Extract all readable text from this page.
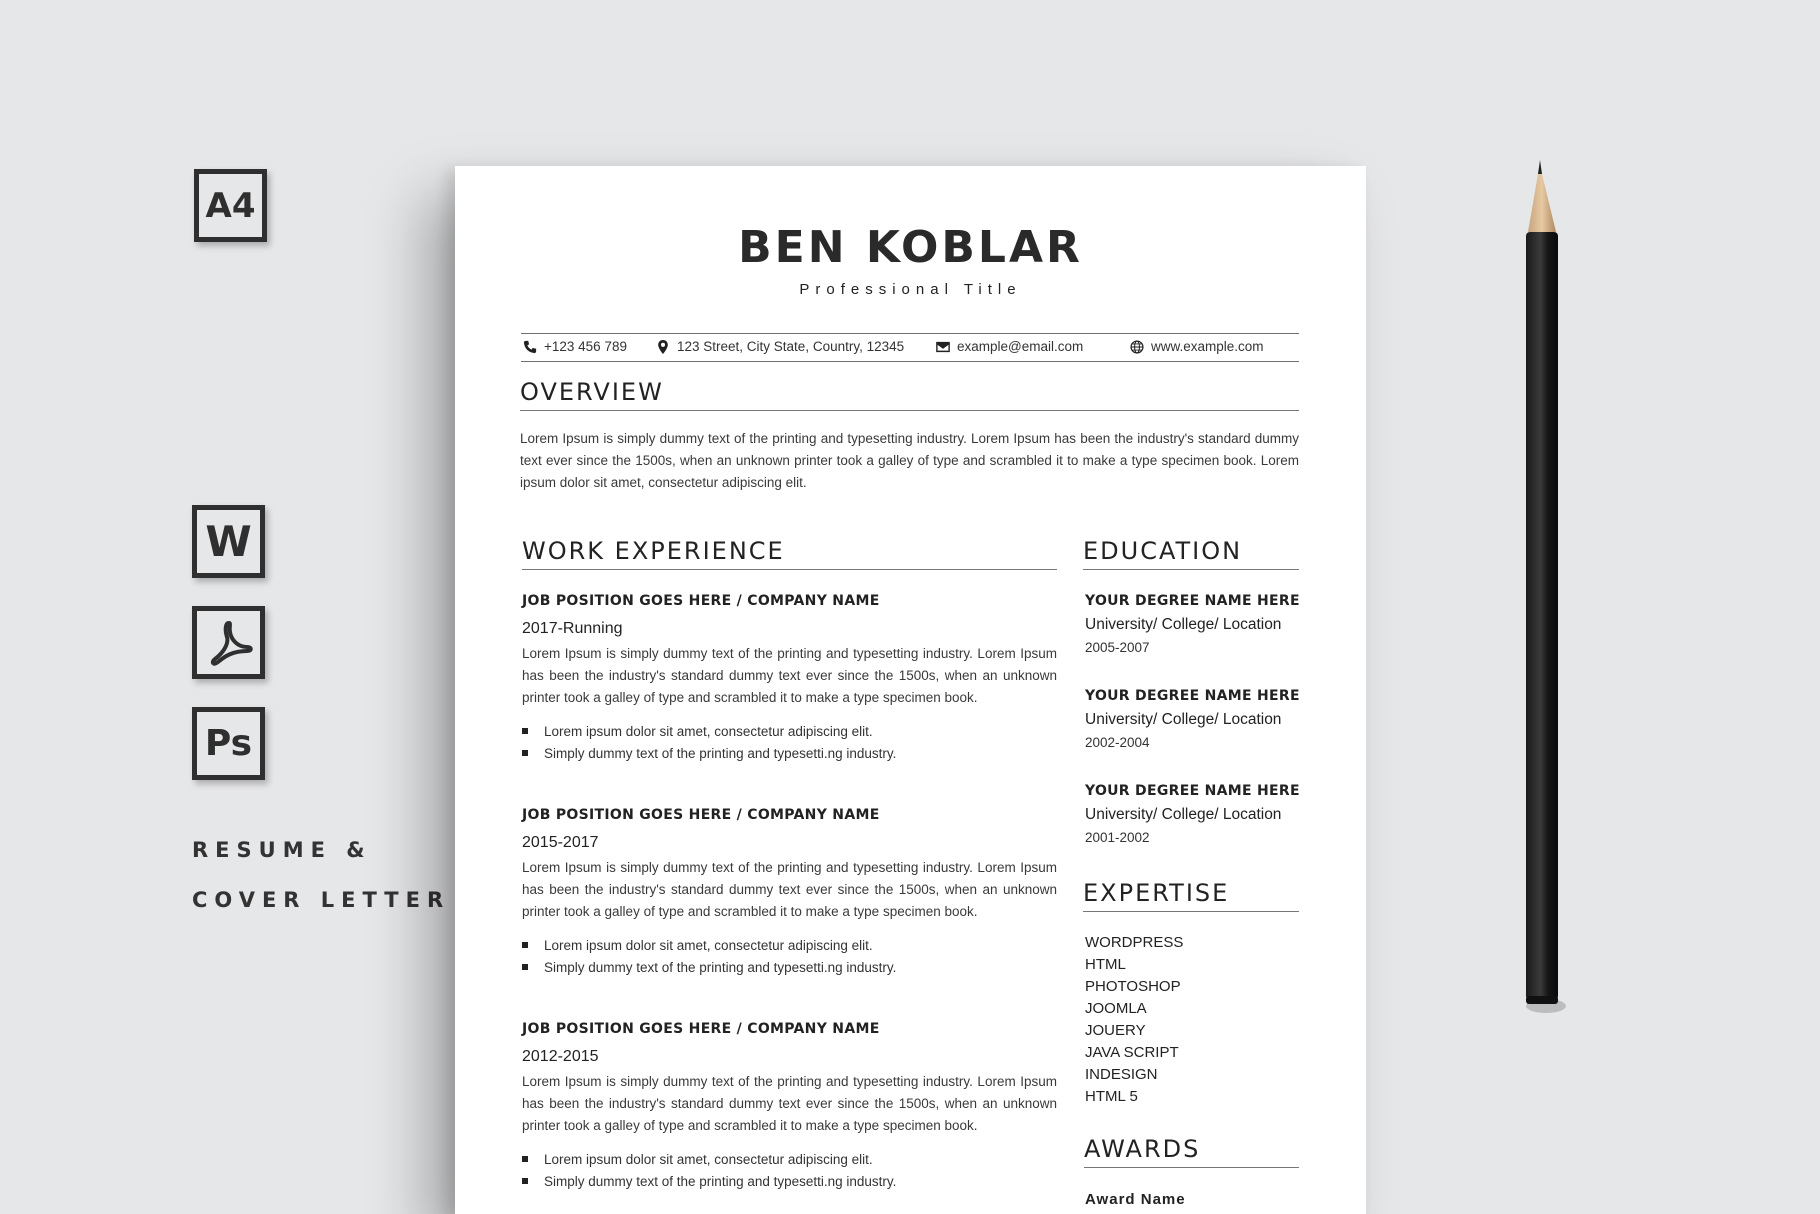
A4
W
Ps
RESUME &
COVER LETTER
BEN KOBLAR
Professional Title
+123 456 789	123 Street, City State, Country, 12345	example@email.com	www.example.com
OVERVIEW
Lorem Ipsum is simply dummy text of the printing and typesetting industry. Lorem Ipsum has been the industry's standard dummy text ever since the 1500s, when an unknown printer took a galley of type and scrambled it to make a type specimen book. Lorem ipsum dolor sit amet, consectetur adipiscing elit.
WORK EXPERIENCE
JOB POSITION GOES HERE / COMPANY NAME
2017-Running
Lorem Ipsum is simply dummy text of the printing and typesetting industry. Lorem Ipsum has been the industry's standard dummy text ever since the 1500s, when an unknown printer took a galley of type and scrambled it to make a type specimen book.
Lorem ipsum dolor sit amet, consectetur adipiscing elit.
Simply dummy text of the printing and typesetti.ng industry.
JOB POSITION GOES HERE / COMPANY NAME
2015-2017
Lorem Ipsum is simply dummy text of the printing and typesetting industry. Lorem Ipsum has been the industry's standard dummy text ever since the 1500s, when an unknown printer took a galley of type and scrambled it to make a type specimen book.
Lorem ipsum dolor sit amet, consectetur adipiscing elit.
Simply dummy text of the printing and typesetti.ng industry.
JOB POSITION GOES HERE / COMPANY NAME
2012-2015
Lorem Ipsum is simply dummy text of the printing and typesetting industry. Lorem Ipsum has been the industry's standard dummy text ever since the 1500s, when an unknown printer took a galley of type and scrambled it to make a type specimen book.
Lorem ipsum dolor sit amet, consectetur adipiscing elit.
Simply dummy text of the printing and typesetti.ng industry.
EDUCATION
YOUR DEGREE NAME HERE
University/ College/ Location
2005-2007
YOUR DEGREE NAME HERE
University/ College/ Location
2002-2004
YOUR DEGREE NAME HERE
University/ College/ Location
2001-2002
EXPERTISE
WORDPRESS
HTML
PHOTOSHOP
JOOMLA
JOUERY
JAVA SCRIPT
INDESIGN
HTML 5
AWARDS
Award Name
